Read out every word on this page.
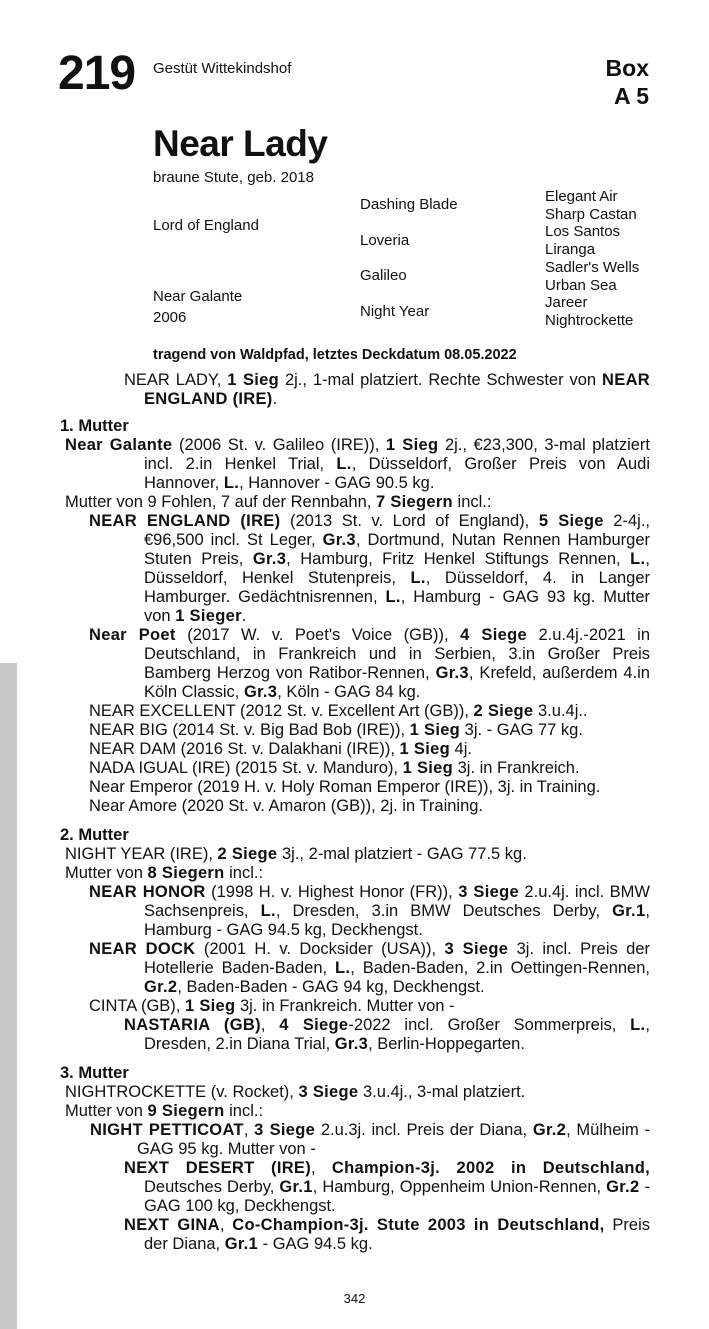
219 Gestüt Wittekindshof	Box
A 5
Near Lady
braune Stute, geb. 2018
Lord of England
Near Galante
2006
Dashing Blade
Loveria
Galileo
Night Year
Elegant Air
Sharp Castan
Los Santos
Liranga
Sadler's Wells
Urban Sea
Jareer
Nightrockette
tragend von Waldpfad, letztes Deckdatum 08.05.2022

NEAR LADY, 1 Sieg 2j., 1-mal platziert. Rechte Schwester von NEAR ENGLAND (IRE).

1. Mutter

Near Galante (2006 St. v. Galileo (IRE)), 1 Sieg 2j., €23,300, 3-mal platziert incl. 2.in Henkel Trial, L., Düsseldorf, Großer Preis von Audi Hannover, L., Hannover - GAG 90.5 kg.

Mutter von 9 Fohlen, 7 auf der Rennbahn, 7 Siegern incl.:

NEAR ENGLAND (IRE) (2013 St. v. Lord of England), 5 Siege 2-4j., €96,500 incl. St Leger, Gr.3, Dortmund, Nutan Rennen Hamburger Stuten Preis, Gr.3, Hamburg, Fritz Henkel Stiftungs Rennen, L., Düsseldorf, Henkel Stutenpreis, L., Düsseldorf, 4. in Langer Hamburger. Gedächtnisrennen, L., Hamburg - GAG 93 kg. Mutter von 1 Sieger.

Near Poet (2017 W. v. Poet's Voice (GB)), 4 Siege 2.u.4j.-2021 in Deutschland, in Frankreich und in Serbien, 3.in Großer Preis Bamberg Herzog von Ratibor-Rennen, Gr.3, Krefeld, außerdem 4.in Köln Classic, Gr.3, Köln - GAG 84 kg.

NEAR EXCELLENT (2012 St. v. Excellent Art (GB)), 2 Siege 3.u.4j..

NEAR BIG (2014 St. v. Big Bad Bob (IRE)), 1 Sieg 3j. - GAG 77 kg.

NEAR DAM (2016 St. v. Dalakhani (IRE)), 1 Sieg 4j.

NADA IGUAL (IRE) (2015 St. v. Manduro), 1 Sieg 3j. in Frankreich.

Near Emperor (2019 H. v. Holy Roman Emperor (IRE)), 3j. in Training.

Near Amore (2020 St. v. Amaron (GB)), 2j. in Training.

2. Mutter

NIGHT YEAR (IRE), 2 Siege 3j., 2-mal platziert - GAG 77.5 kg.

Mutter von 8 Siegern incl.:

NEAR HONOR (1998 H. v. Highest Honor (FR)), 3 Siege 2.u.4j. incl. BMW Sachsenpreis, L., Dresden, 3.in BMW Deutsches Derby, Gr.1, Hamburg - GAG 94.5 kg, Deckhengst.

NEAR DOCK (2001 H. v. Docksider (USA)), 3 Siege 3j. incl. Preis der Hotellerie Baden-Baden, L., Baden-Baden, 2.in Oettingen-Rennen, Gr.2, Baden-Baden - GAG 94 kg, Deckhengst.

CINTA (GB), 1 Sieg 3j. in Frankreich. Mutter von -

NASTARIA (GB), 4 Siege-2022 incl. Großer Sommerpreis, L., Dresden, 2.in Diana Trial, Gr.3, Berlin-Hoppegarten.

3. Mutter

NIGHTROCKETTE (v. Rocket), 3 Siege 3.u.4j., 3-mal platziert.

Mutter von 9 Siegern incl.:

NIGHT PETTICOAT, 3 Siege 2.u.3j. incl. Preis der Diana, Gr.2, Mülheim - GAG 95 kg. Mutter von -

NEXT DESERT (IRE), Champion-3j. 2002 in Deutschland, Deutsches Derby, Gr.1, Hamburg, Oppenheim Union-Rennen, Gr.2 - GAG 100 kg, Deckhengst.

NEXT GINA, Co-Champion-3j. Stute 2003 in Deutschland, Preis der Diana, Gr.1 - GAG 94.5 kg.

342
